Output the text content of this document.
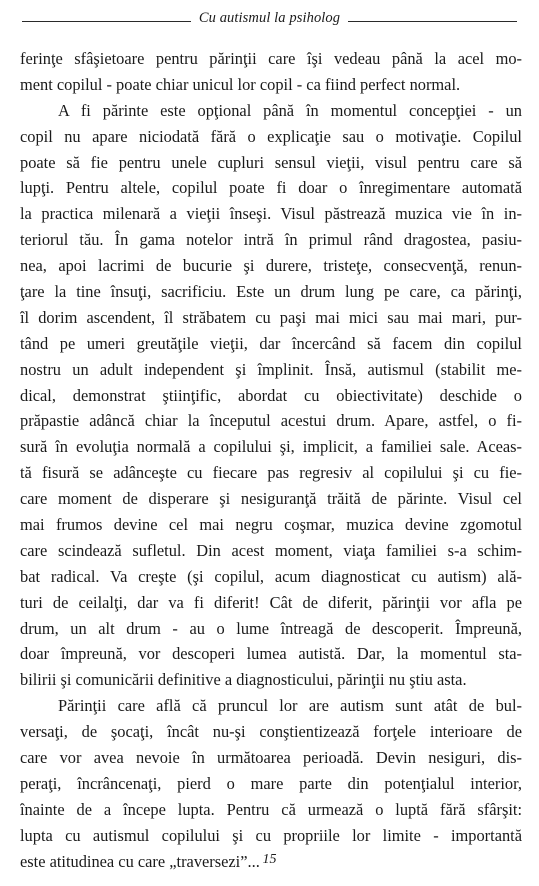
Cu autismul la psiholog

ferinţe sfâşietoare pentru părinţii care îşi vedeau până la acel mo-
ment copilul - poate chiar unicul lor copil - ca fiind perfect normal.

A fi părinte este opţional până în momentul concepţiei - un
copil nu apare niciodată fără o explicaţie sau o motivaţie. Copilul
poate să fie pentru unele cupluri sensul vieţii, visul pentru care să
lupţi. Pentru altele, copilul poate fi doar o înregimentare automată
la practica milenară a vieţii înseşi. Visul păstrează muzica vie în in-
teriorul tău. În gama notelor intră în primul rând dragostea, pasiu-
nea, apoi lacrimi de bucurie şi durere, tristeţe, consecvenţă, renun-
ţare la tine însuţi, sacrificiu. Este un drum lung pe care, ca părinţi,
îl dorim ascendent, îl străbatem cu paşi mai mici sau mai mari, pur-
tând pe umeri greutăţile vieţii, dar încercând să facem din copilul
nostru un adult independent şi împlinit. Însă, autismul (stabilit me-
dical, demonstrat ştiinţific, abordat cu obiectivitate) deschide o
prăpastie adâncă chiar la începutul acestui drum. Apare, astfel, o fi-
sură în evoluţia normală a copilului şi, implicit, a familiei sale. Aceas-
tă fisură se adânceşte cu fiecare pas regresiv al copilului şi cu fie-
care moment de disperare şi nesiguranţă trăită de părinte. Visul cel
mai frumos devine cel mai negru coşmar, muzica devine zgomotul
care scindează sufletul. Din acest moment, viaţa familiei s-a schim-
bat radical. Va creşte (şi copilul, acum diagnosticat cu autism) ală-
turi de ceilalţi, dar va fi diferit! Cât de diferit, părinţii vor afla pe
drum, un alt drum - au o lume întreagă de descoperit. Împreună,
doar împreună, vor descoperi lumea autistă. Dar, la momentul sta-
bilirii şi comunicării definitive a diagnosticului, părinţii nu ştiu asta.

Părinţii care află că pruncul lor are autism sunt atât de bul-
versaţi, de şocaţi, încât nu-şi conştientizează forţele interioare de
care vor avea nevoie în următoarea perioadă. Devin nesiguri, dis-
peraţi, încrâncenaţi, pierd o mare parte din potenţialul interior,
înainte de a începe lupta. Pentru că urmează o luptă fără sfârşit:
lupta cu autismul copilului şi cu propriile lor limite - importantă
este atitudinea cu care „traversezi”... 15
